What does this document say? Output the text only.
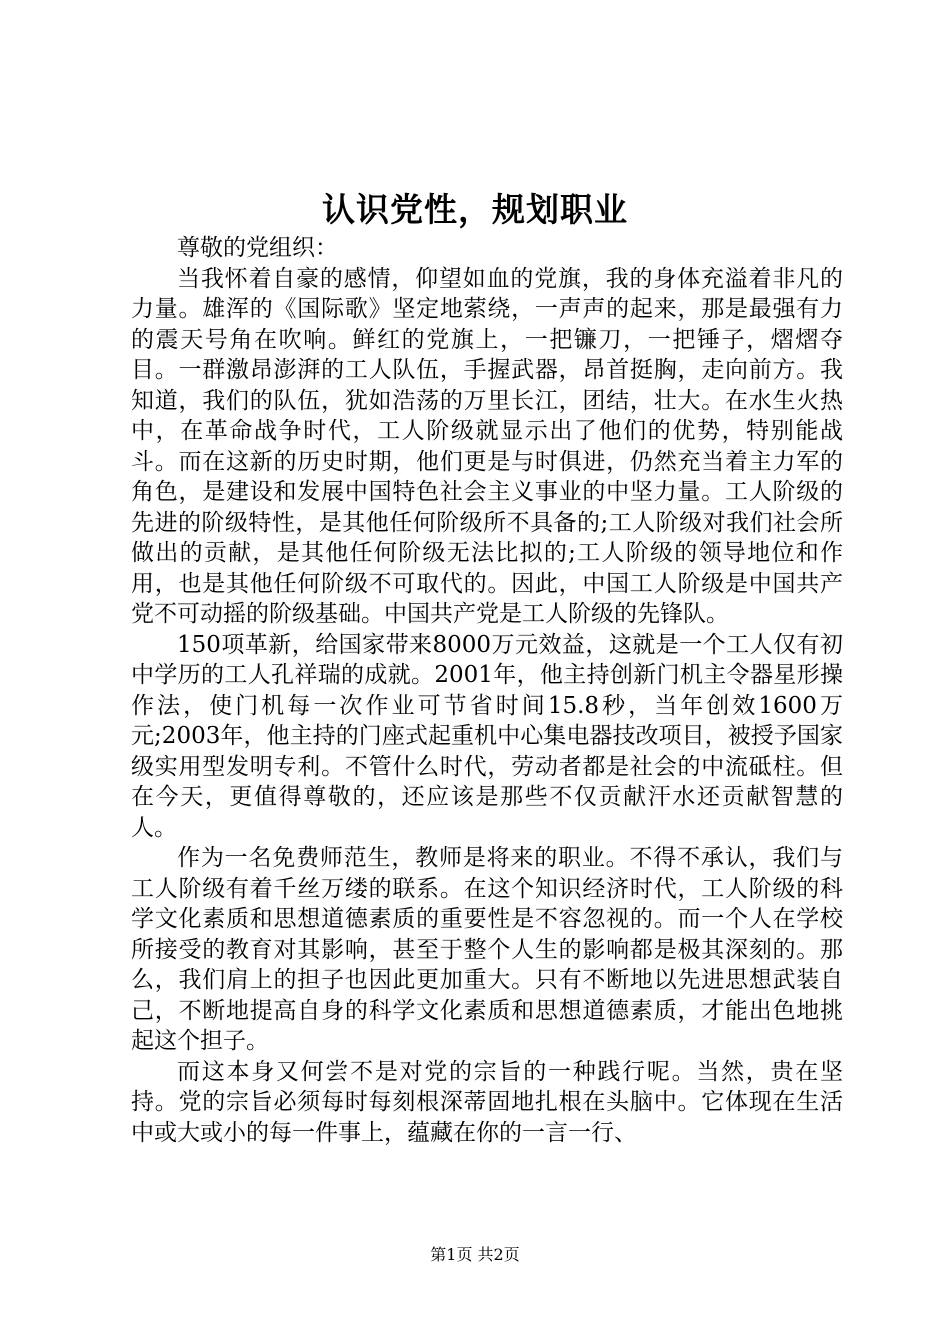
认识党性，规划职业

尊敬的党组织：

当我怀着自豪的感情，仰望如血的党旗，我的身体充溢着非凡的力量。雄浑的《国际歌》坚定地萦绕，一声声的起来，那是最强有力的震天号角在吹响。鲜红的党旗上，一把镰刀，一把锤子，熠熠夺目。一群激昂澎湃的工人队伍，手握武器，昂首挺胸，走向前方。我知道，我们的队伍，犹如浩荡的万里长江，团结，壮大。在水生火热中，在革命战争时代，工人阶级就显示出了他们的优势，特别能战斗。而在这新的历史时期，他们更是与时俱进，仍然充当着主力军的角色，是建设和发展中国特色社会主义事业的中坚力量。工人阶级的先进的阶级特性，是其他任何阶级所不具备的;工人阶级对我们社会所做出的贡献，是其他任何阶级无法比拟的;工人阶级的领导地位和作用，也是其他任何阶级不可取代的。因此，中国工人阶级是中国共产党不可动摇的阶级基础。中国共产党是工人阶级的先锋队。

150项革新，给国家带来8000万元效益，这就是一个工人仅有初中学历的工人孔祥瑞的成就。2001年，他主持创新门机主令器星形操作法，使门机每一次作业可节省时间15.8秒，当年创效1600万元;2003年，他主持的门座式起重机中心集电器技改项目，被授予国家级实用型发明专利。不管什么时代，劳动者都是社会的中流砥柱。但在今天，更值得尊敬的，还应该是那些不仅贡献汗水还贡献智慧的人。

作为一名免费师范生，教师是将来的职业。不得不承认，我们与工人阶级有着千丝万缕的联系。在这个知识经济时代，工人阶级的科学文化素质和思想道德素质的重要性是不容忽视的。而一个人在学校所接受的教育对其影响，甚至于整个人生的影响都是极其深刻的。那么，我们肩上的担子也因此更加重大。只有不断地以先进思想武装自己，不断地提高自身的科学文化素质和思想道德素质，才能出色地挑起这个担子。

而这本身又何尝不是对党的宗旨的一种践行呢。当然，贵在坚持。党的宗旨必须每时每刻根深蒂固地扎根在头脑中。它体现在生活中或大或小的每一件事上，蕴藏在你的一言一行、

第1页 共2页
